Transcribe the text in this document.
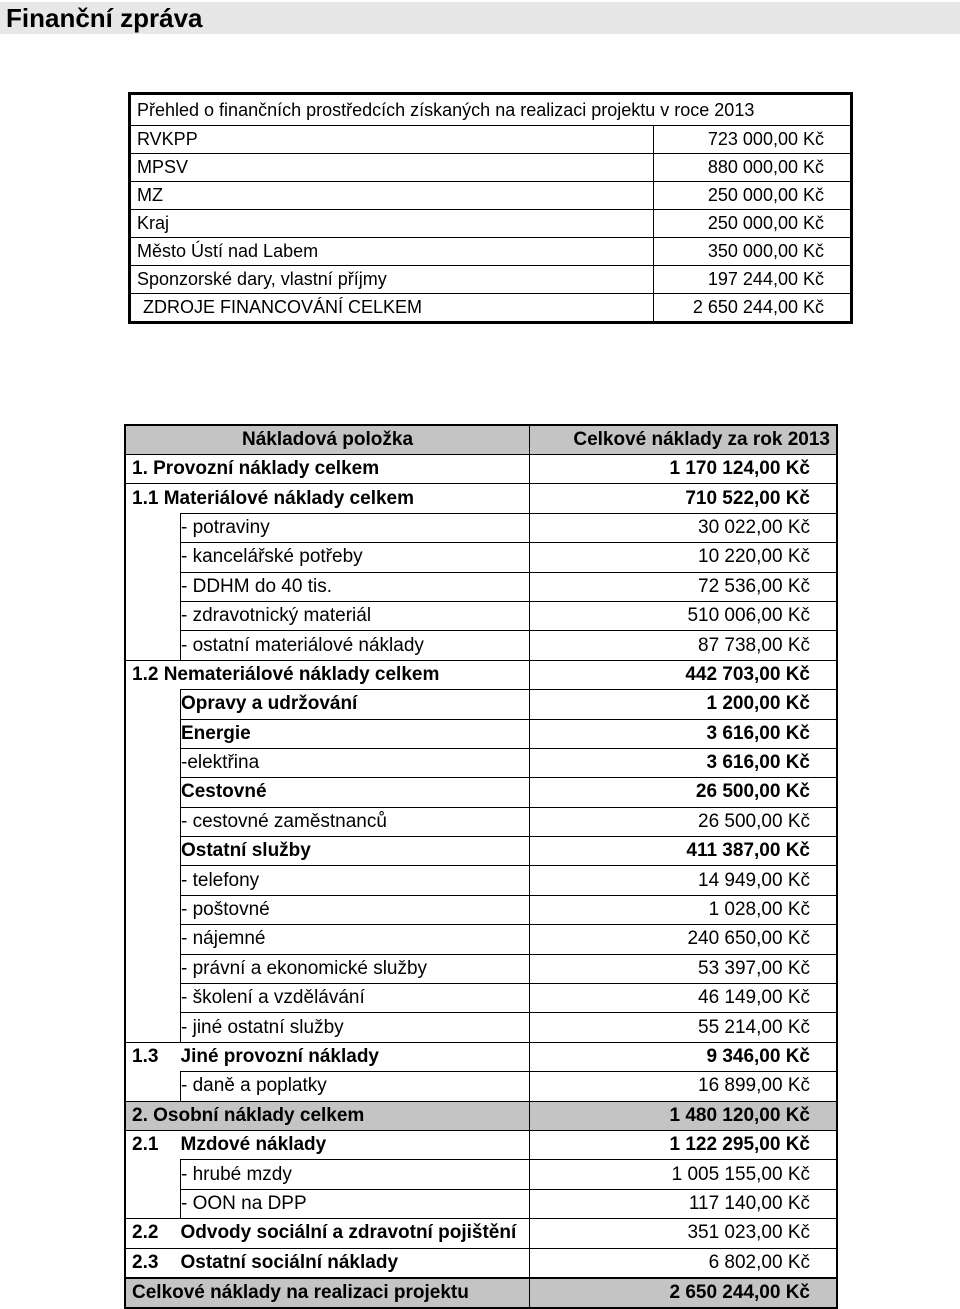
Finanční zpráva
Přehled o finančních prostředcích získaných na realizaci projektu v roce 2013	
RVKPP	723 000,00 Kč
MPSV	880 000,00 Kč
MZ	250 000,00 Kč
Kraj	250 000,00 Kč
Město Ústí nad Labem	350 000,00 Kč
Sponzorské dary, vlastní příjmy	197 244,00 Kč
ZDROJE FINANCOVÁNÍ CELKEM	2 650 244,00 Kč
Nákladová položka		Celkové náklady za rok 2013
1. Provozní náklady celkem		1 170 124,00 Kč
1.1 Materiálové náklady celkem		710 522,00 Kč
	- potraviny	30 022,00 Kč
	- kancelářské potřeby	10 220,00 Kč
	- DDHM do 40 tis.	72 536,00 Kč
	- zdravotnický materiál	510 006,00 Kč
	- ostatní materiálové náklady	87 738,00 Kč
1.2 Nemateriálové náklady celkem		442 703,00 Kč
	Opravy a udržování	1 200,00 Kč
	Energie	3 616,00 Kč
	-elektřina	3 616,00 Kč
	Cestovné	26 500,00 Kč
	- cestovné zaměstnanců	26 500,00 Kč
	Ostatní služby	411 387,00 Kč
	- telefony	14 949,00 Kč
	- poštovné	1 028,00 Kč
	- nájemné	240 650,00 Kč
	- právní a ekonomické služby	53 397,00 Kč
	- školení a vzdělávání	46 149,00 Kč
	- jiné ostatní služby	55 214,00 Kč
1.3	Jiné provozní náklady	9 346,00 Kč
	- daně a poplatky	16 899,00 Kč
2. Osobní náklady celkem		1 480 120,00 Kč
2.1	Mzdové náklady	1 122 295,00 Kč
	- hrubé mzdy	1 005 155,00 Kč
	- OON na DPP	117 140,00 Kč
2.2	Odvody sociální a zdravotní pojištění	351 023,00 Kč
2.3	Ostatní sociální náklady	6 802,00 Kč
Celkové náklady na realizaci projektu		2 650 244,00 Kč
